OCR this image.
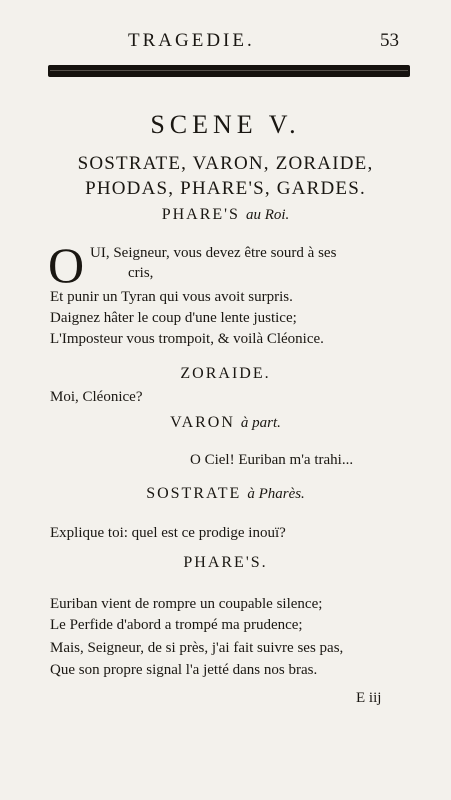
TRAGEDIE.	53
SCENE V.
SOSTRATE, VARON, ZORAIDE,
PHODAS, PHARE'S, GARDES.
PHARE'S au Roi.
O UI, Seigneur, vous devez être sourd à ses
cris,
Et punir un Tyran qui vous avoit surpris.
Daignez hâter le coup d'une lente justice;
L'Imposteur vous trompoit, & voilà Cléonice.
ZORAIDE.
Moi, Cléonice?
VARON à part.
O Ciel! Euriban m'a trahi...
SOSTRATE à Pharès.
Explique toi: quel est ce prodige inouï?
PHARE'S.
Euriban vient de rompre un coupable silence;
Le Perfide d'abord a trompé ma prudence;
Mais, Seigneur, de si près, j'ai fait suivre ses pas,
Que son propre signal l'a jetté dans nos bras.
E iij
